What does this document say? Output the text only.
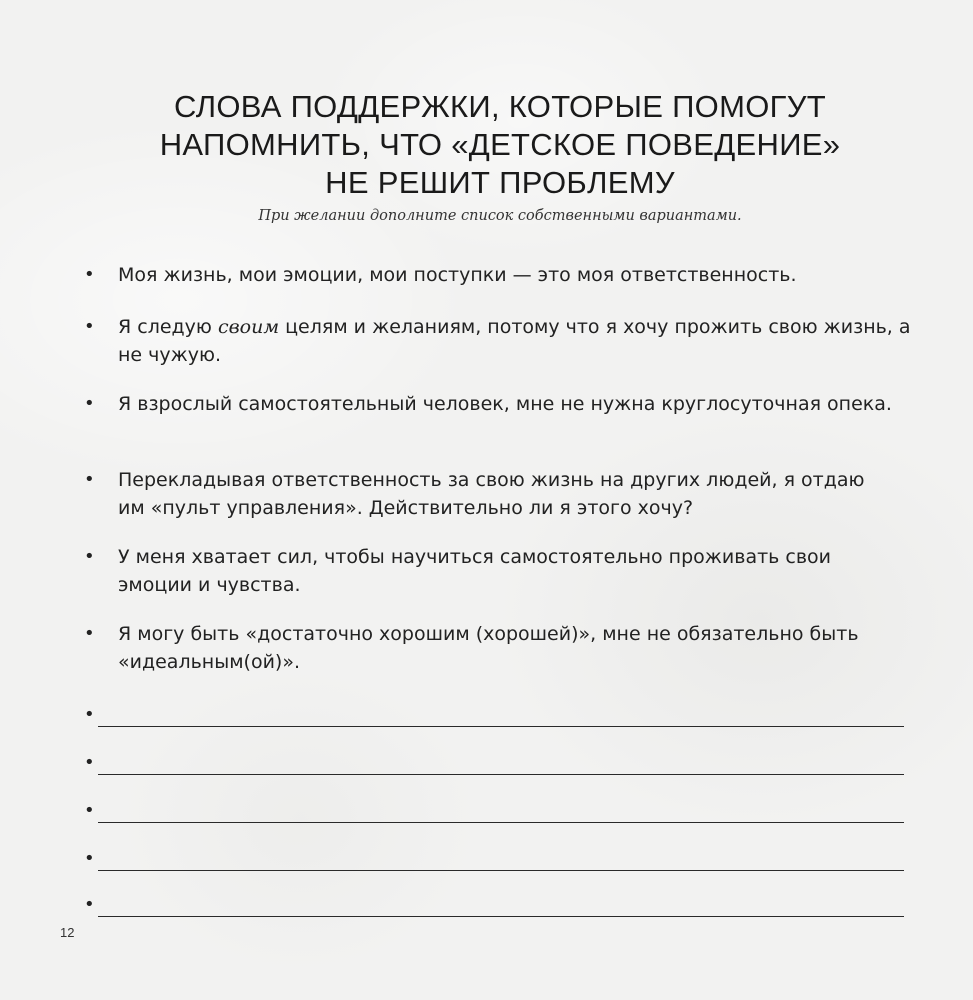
СЛОВА ПОДДЕРЖКИ, КОТОРЫЕ ПОМОГУТ
НАПОМНИТЬ, ЧТО «ДЕТСКОЕ ПОВЕДЕНИЕ»
НЕ РЕШИТ ПРОБЛЕМУ
При желании дополните список собственными вариантами.
• Моя жизнь, мои эмоции, мои поступки — это моя ответственность.
• Я следую своим целям и желаниям, потому что я хочу прожить свою жизнь, а не чужую.
• Я взрослый самостоятельный человек, мне не нужна круглосуточная опека.
• Перекладывая ответственность за свою жизнь на других людей, я отдаю им «пульт управления». Действительно ли я этого хочу?
• У меня хватает сил, чтобы научиться самостоятельно проживать свои эмоции и чувства.
• Я могу быть «достаточно хорошим (хорошей)», мне не обязательно быть «идеальным(ой)».
•
•
•
•
•
12
